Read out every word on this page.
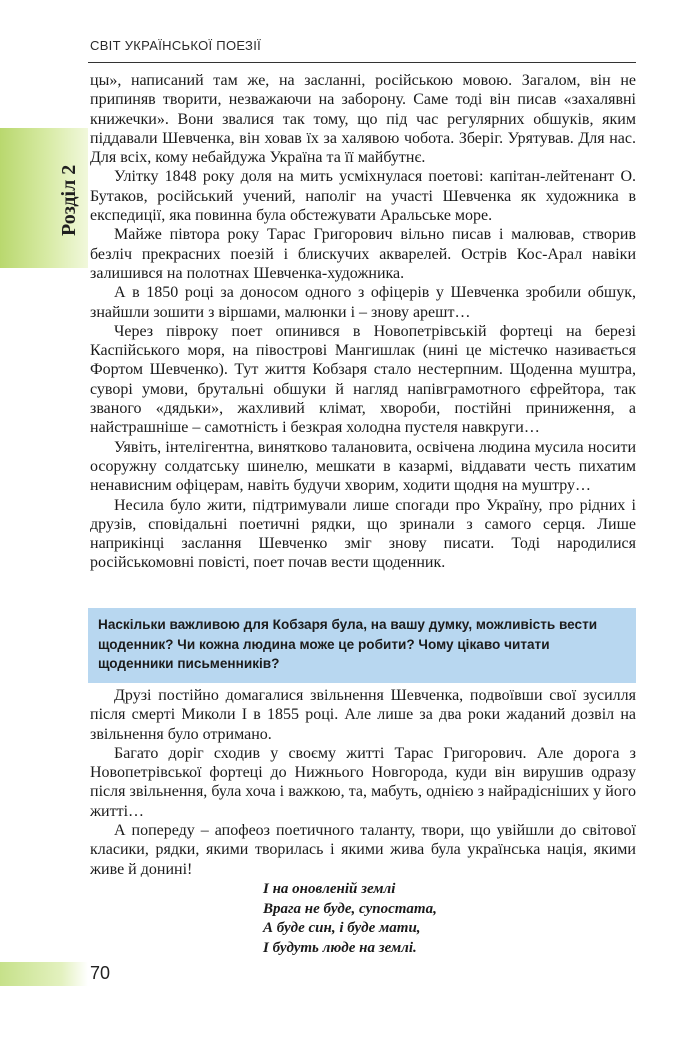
СВІТ УКРАЇНСЬКОЇ ПОЕЗІЇ
Розділ 2

цы», написаний там же, на засланні, російською мовою. Загалом, він не припиняв творити, незважаючи на заборону. Саме тоді він писав «захалявні книжечки». Вони звалися так тому, що під час регулярних обшуків, яким піддавали Шевченка, він ховав їх за халявою чобота. Зберіг. Урятував. Для нас. Для всіх, кому небайдужа Україна та її майбутнє.

Улітку 1848 року доля на мить усміхнулася поетові: капітан-лейтенант О. Бутаков, російський учений, наполіг на участі Шевченка як художника в експедиції, яка повинна була обстежувати Аральське море.

Майже півтора року Тарас Григорович вільно писав і малював, створив безліч прекрасних поезій і блискучих акварелей. Острів Кос-Арал навіки залишився на полотнах Шевченка-художника.

А в 1850 році за доносом одного з офіцерів у Шевченка зробили обшук, знайшли зошити з віршами, малюнки і – знову арешт…

Через півроку поет опинився в Новопетрівській фортеці на березі Каспійського моря, на півострові Мангишлак (нині це містечко називається Фортом Шевченко). Тут життя Кобзаря стало нестерпним. Щоденна муштра, суворі умови, брутальні обшуки й нагляд напівграмотного єфрейтора, так званого «дядьки», жахливий клімат, хвороби, постійні приниження, а найстрашніше – самотність і безкрая холодна пустеля навкруги…

Уявіть, інтелігентна, винятково талановита, освічена людина мусила носити осоружну солдатську шинелю, мешкати в казармі, віддавати честь пихатим ненависним офіцерам, навіть будучи хворим, ходити щодня на муштру…

Несила було жити, підтримували лише спогади про Україну, про рідних і друзів, сповідальні поетичні рядки, що зринали з самого серця. Лише наприкінці заслання Шевченко зміг знову писати. Тоді народилися російськомовні повісті, поет почав вести щоденник.

Наскільки важливою для Кобзаря була, на вашу думку, можливість вести щоденник? Чи кожна людина може це робити? Чому цікаво читати щоденники письменників?

Друзі постійно домагалися звільнення Шевченка, подвоївши свої зусилля після смерті Миколи І в 1855 році. Але лише за два роки жаданий дозвіл на звільнення було отримано.

Багато доріг сходив у своєму житті Тарас Григорович. Але дорога з Новопетрівської фортеці до Нижнього Новгорода, куди він вирушив одразу після звільнення, була хоча і важкою, та, мабуть, однією з найрадісніших у його житті…

А попереду – апофеоз поетичного таланту, твори, що увійшли до світової класики, рядки, якими творилась і якими жива була українська нація, якими живе й донині!

І на оновленій землі
Врага не буде, супостата,
А буде син, і буде мати,
І будуть люде на землі.
70
